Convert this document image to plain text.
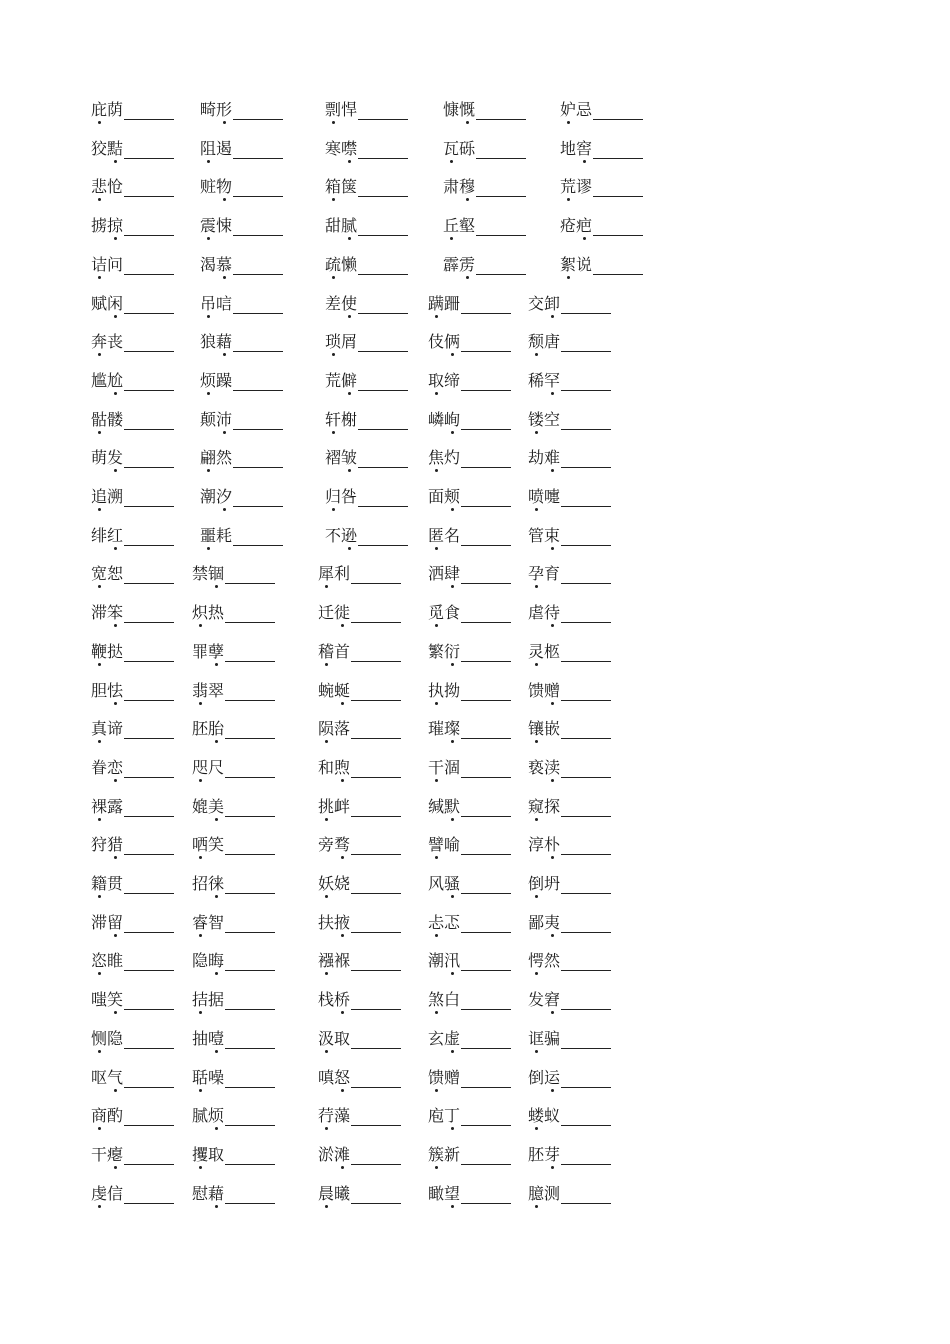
庇荫	畸形	剽悍	慷慨	妒忌
狡黠	阻遏	寒噤	瓦砾	地窖
悲怆	赃物	箱箧	肃穆	荒谬
掳掠	震悚	甜腻	丘壑	疮疤
诘问	渴慕	疏懒	霹雳	絮说
赋闲	吊唁	差使	蹒跚	交卸
奔丧	狼藉	琐屑	伎俩	颓唐
尴尬	烦躁	荒僻	取缔	稀罕
骷髅	颠沛	轩榭	嶙峋	镂空
萌发	翩然	褶皱	焦灼	劫难
追溯	潮汐	归咎	面颊	喷嚏
绯红	噩耗	不逊	匿名	管束
宽恕	禁锢	犀利	洒肆	孕育
滞笨	炽热	迁徙	觅食	虐待
鞭挞	罪孽	稽首	繁衍	灵柩
胆怯	翡翠	蜿蜒	执拗	馈赠
真谛	胚胎	陨落	璀璨	镶嵌
眷恋	咫尺	和煦	干涸	亵渎
裸露	媲美	挑衅	缄默	窥探
狩猎	哂笑	旁骛	譬喻	淳朴
籍贯	招徕	妖娆	风骚	倒坍
滞留	睿智	扶掖	忐忑	鄙夷
恣睢	隐晦	襁褓	潮汛	愕然
嗤笑	拮据	栈桥	煞白	发窘
恻隐	抽噎	汲取	玄虚	诓骗
呕气	聒噪	嗔怒	馈赠	倒运
商酌	腻烦	荇藻	庖丁	蝼蚁
干瘪	攫取	淤滩	簇新	胚芽
虔信	慰藉	晨曦	瞰望	臆测
